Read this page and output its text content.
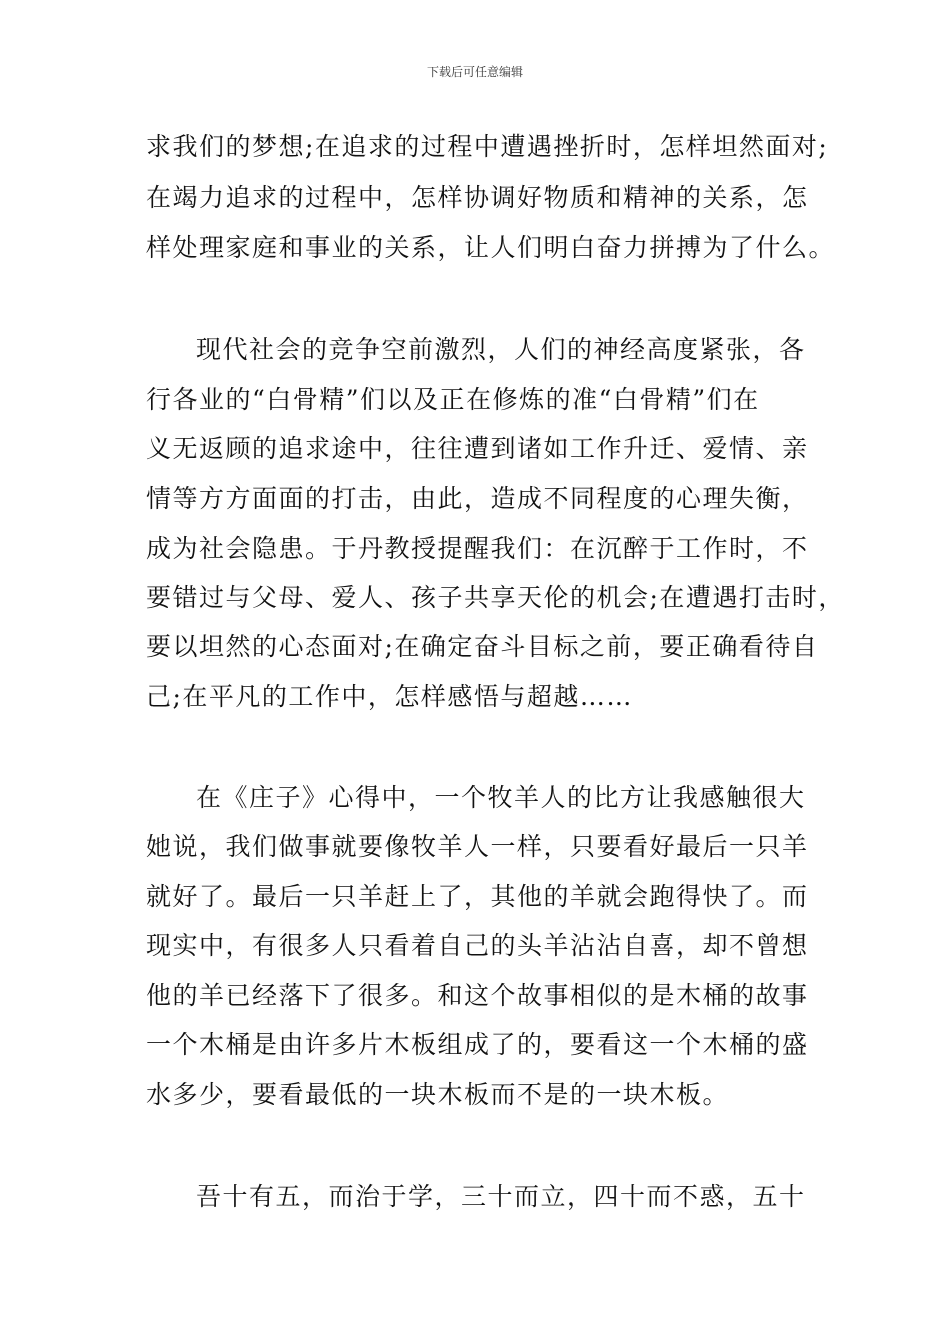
下载后可任意编辑
求我们的梦想;在追求的过程中遭遇挫折时，怎样坦然面对;
在竭力追求的过程中，怎样协调好物质和精神的关系，怎
样处理家庭和事业的关系，让人们明白奋力拼搏为了什么。
现代社会的竞争空前激烈，人们的神经高度紧张，各
行各业的“白骨精”们以及正在修炼的准“白骨精”们在
义无返顾的追求途中，往往遭到诸如工作升迁、爱情、亲
情等方方面面的打击，由此，造成不同程度的心理失衡，
成为社会隐患。于丹教授提醒我们：在沉醉于工作时，不
要错过与父母、爱人、孩子共享天伦的机会;在遭遇打击时，
要以坦然的心态面对;在确定奋斗目标之前，要正确看待自
己;在平凡的工作中，怎样感悟与超越……
在《庄子》心得中，一个牧羊人的比方让我感触很大
她说，我们做事就要像牧羊人一样，只要看好最后一只羊
就好了。最后一只羊赶上了，其他的羊就会跑得快了。而
现实中，有很多人只看着自己的头羊沾沾自喜，却不曾想
他的羊已经落下了很多。和这个故事相似的是木桶的故事
一个木桶是由许多片木板组成了的，要看这一个木桶的盛
水多少，要看最低的一块木板而不是的一块木板。
吾十有五，而治于学，三十而立，四十而不惑，五十
